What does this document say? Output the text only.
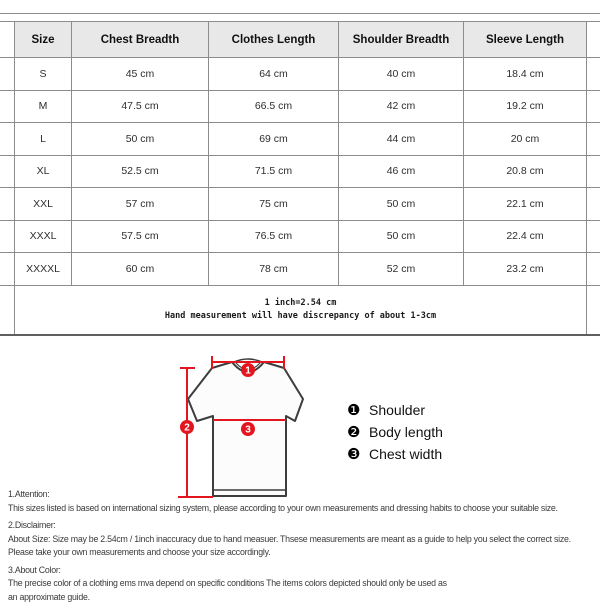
Size	Chest Breadth	Clothes Length	Shoulder Breadth	Sleeve Length
S	45 cm	64 cm	40 cm	18.4 cm
M	47.5 cm	66.5 cm	42 cm	19.2 cm
L	50 cm	69 cm	44 cm	20 cm
XL	52.5 cm	71.5 cm	46 cm	20.8 cm
XXL	57 cm	75 cm	50 cm	22.1 cm
XXXL	57.5 cm	76.5 cm	50 cm	22.4 cm
XXXXL	60 cm	78 cm	52 cm	23.2 cm
1 inch=2.54 cm
Hand measurement will have discrepancy of about 1-3cm
1
2	3
❶ Shoulder
❷ Body length
❸ Chest width
1.Attention:
This sizes listed is based on international sizing system, please according to your own measurements and dressing habits to choose your suitable size.
2.Disclaimer:
About Size: Size may be 2.54cm / 1inch inaccuracy due to hand measuer. Thsese measurements are meant as a guide to help you select the correct size.
Please take your own measurements and choose your size accordingly.
3.About Color:
The precise color of a clothing ems mva depend on specific conditions The items colors depicted should only be used as
an approximate guide.
